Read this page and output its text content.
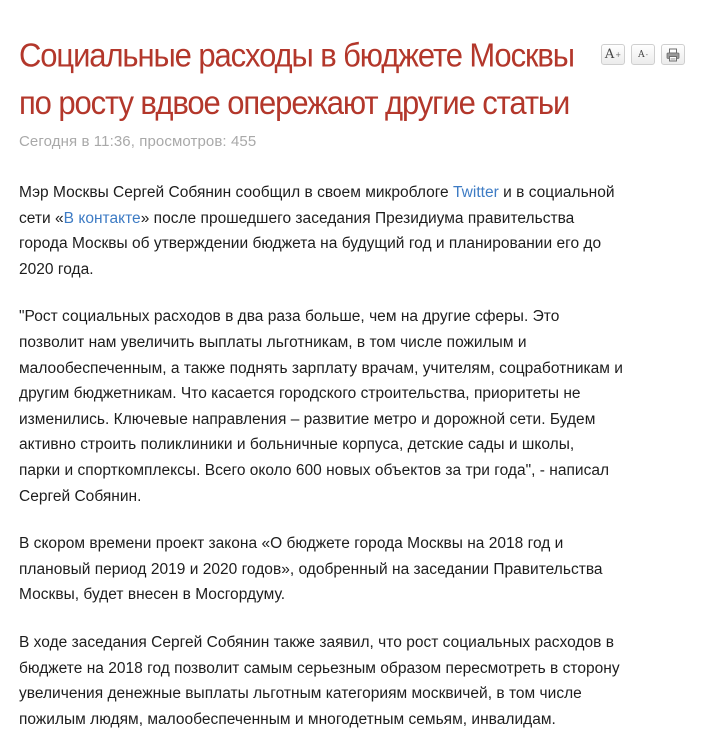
Социальные расходы в бюджете Москвы
по росту вдвое опережают другие статьи
A + A -
Сегодня в 11:36, просмотров: 455

Мэр Москвы Сергей Собянин сообщил в своем микроблоге Twitter и в социальной
сети «В контакте» после прошедшего заседания Президиума правительства
города Москвы об утверждении бюджета на будущий год и планировании его до
2020 года.

"Рост социальных расходов в два раза больше, чем на другие сферы. Это
позволит нам увеличить выплаты льготникам, в том числе пожилым и
малообеспеченным, а также поднять зарплату врачам, учителям, соцработникам и
другим бюджетникам. Что касается городского строительства, приоритеты не
изменились. Ключевые направления – развитие метро и дорожной сети. Будем
активно строить поликлиники и больничные корпуса, детские сады и школы,
парки и спорткомплексы. Всего около 600 новых объектов за три года", - написал
Сергей Собянин.

В скором времени проект закона «О бюджете города Москвы на 2018 год и
плановый период 2019 и 2020 годов», одобренный на заседании Правительства
Москвы, будет внесен в Мосгордуму.

В ходе заседания Сергей Собянин также заявил, что рост социальных расходов в
бюджете на 2018 год позволит самым серьезным образом пересмотреть в сторону
увеличения денежные выплаты льготным категориям москвичей, в том числе
пожилым людям, малообеспеченным и многодетным семьям, инвалидам.
